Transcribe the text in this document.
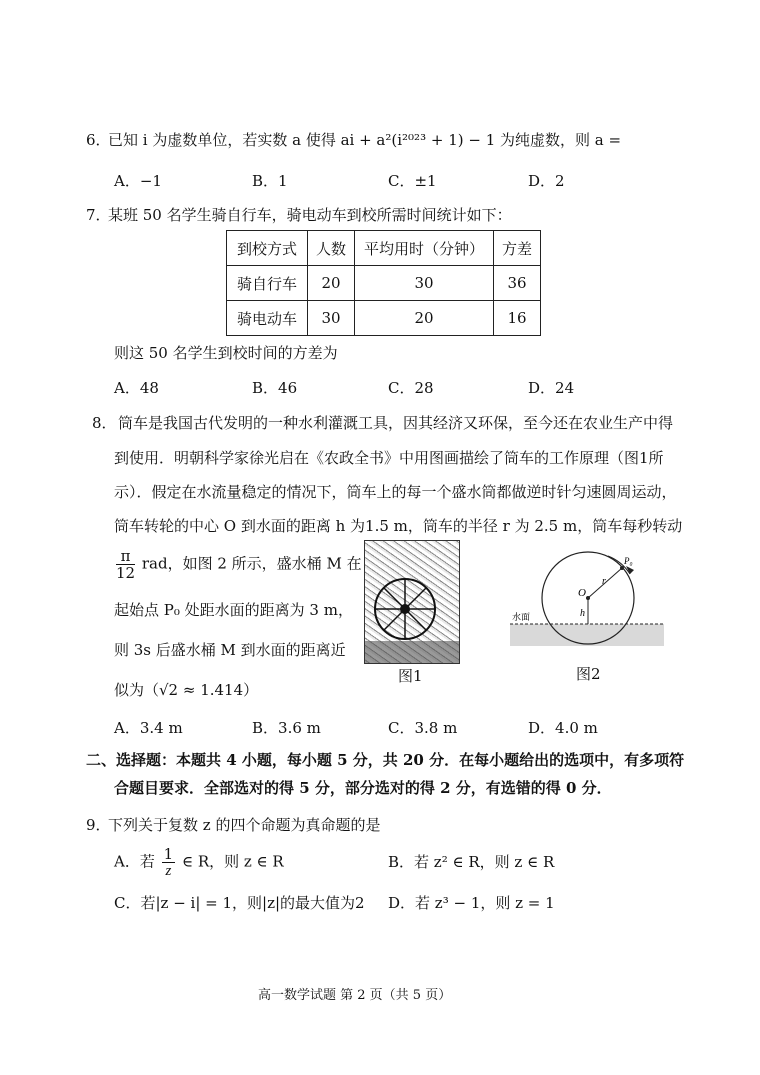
6．
已知 i 为虚数单位，若实数 a 使得 ai + a²(i²⁰²³ + 1) − 1 为纯虚数，则 a =
A．−1	B．1	C．±1	D．2
7．
某班 50 名学生骑自行车，骑电动车到校所需时间统计如下：
到校方式	人数	平均用时（分钟）	方差
骑自行车	20	30	36
骑电动车	30	20	16
则这 50 名学生到校时间的方差为
A．48	B．46	C．28	D．24
8． 筒车是我国古代发明的一种水利灌溉工具，因其经济又环保，至今还在农业生产中得
到使用．明朝科学家徐光启在《农政全书》中用图画描绘了筒车的工作原理（图1所
示）．假定在水流量稳定的情况下，筒车上的每一个盛水筒都做逆时针匀速圆周运动，
筒车转轮的中心 O 到水面的距离 h 为1.5 m，筒车的半径 r 为 2.5 m，筒车每秒转动
$\frac{\pi}{12}$ rad，如图 2 所示，盛水桶 M 在
起始点 P₀ 处距水面的距离为 3 m，
则 3s 后盛水桶 M 到水面的距离近
似为（√2 ≈ 1.414）
图1
水面
O
h
r
P₀
图2
A．3.4 m	B．3.6 m	C．3.8 m	D．4.0 m
二、选择题：本题共 4 小题，每小题 5 分，共 20 分．在每小题给出的选项中，有多项符
合题目要求．全部选对的得 5 分，部分选对的得 2 分，有选错的得 0 分．
9．
下列关于复数 z 的四个命题为真命题的是
A．若 $\frac{1}{z}$ ∈ R，则 z ∈ R	B．若 z² ∈ R，则 z ∈ R
C．若|z − i| = 1，则|z|的最大值为2 D．若 z³ − 1，则 z = 1
高一数学试题 第 2 页（共 5 页）
